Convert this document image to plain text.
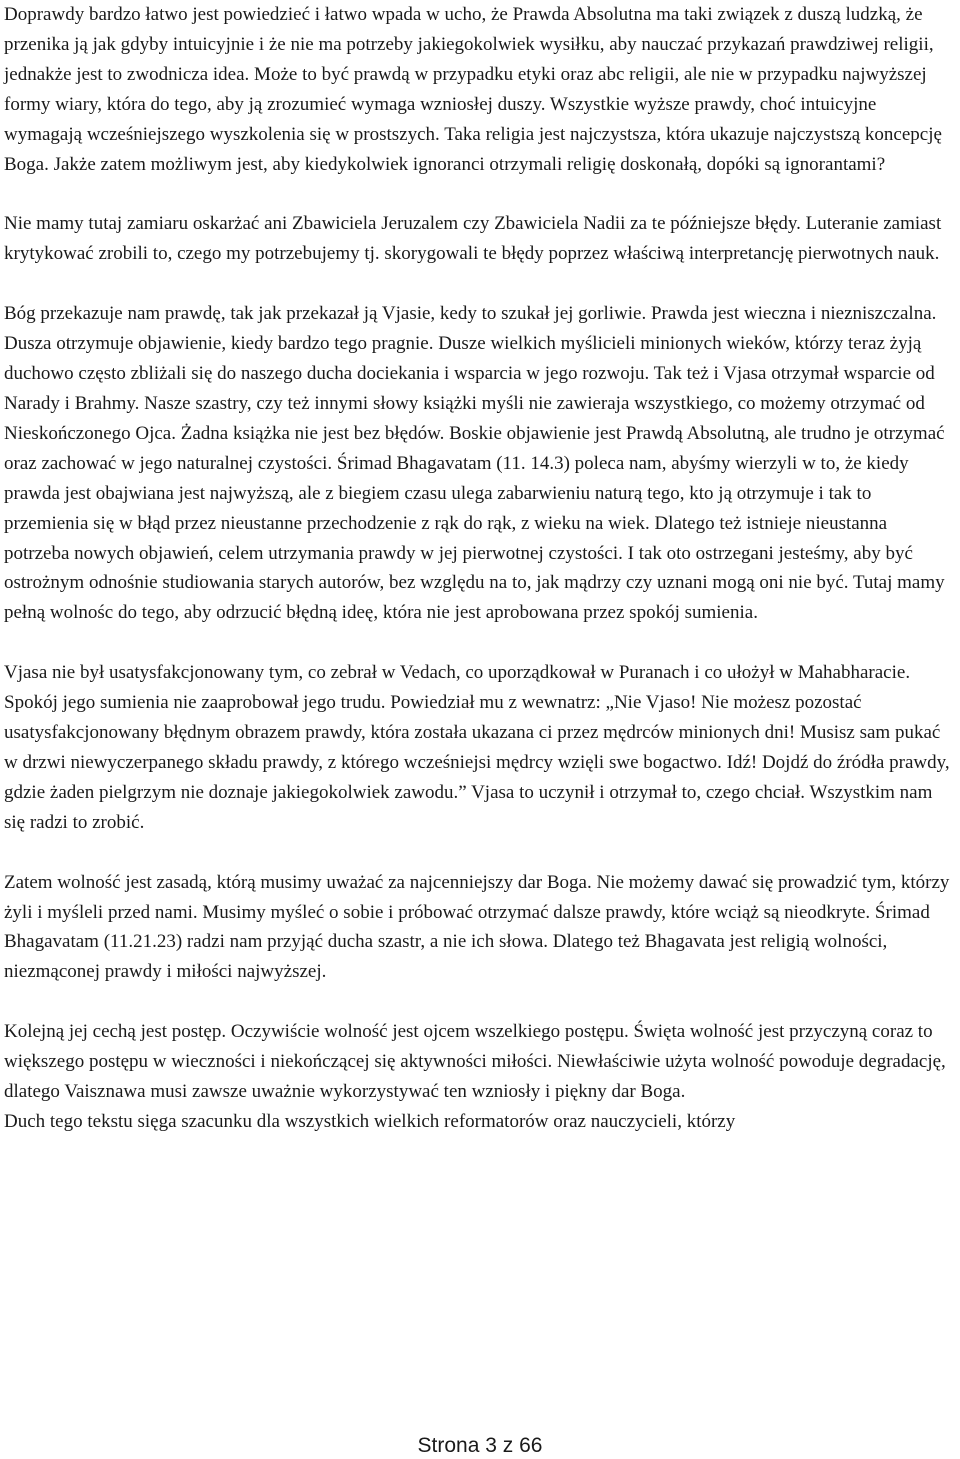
Doprawdy bardzo łatwo jest powiedzieć i łatwo wpada w ucho, że Prawda Absolutna ma taki związek z duszą ludzką, że przenika ją jak gdyby intuicyjnie i że nie ma potrzeby jakiegokolwiek wysiłku, aby nauczać przykazań prawdziwej religii, jednakże jest to zwodnicza idea. Może to być prawdą w przypadku etyki oraz abc religii, ale nie w przypadku najwyższej formy wiary, która do tego, aby ją zrozumieć wymaga wzniosłej duszy. Wszystkie wyższe prawdy, choć intuicyjne wymagają wcześniejszego wyszkolenia się w prostszych. Taka religia jest najczystsza, która ukazuje najczystszą koncepcję Boga. Jakże zatem możliwym jest, aby kiedykolwiek ignoranci otrzymali religię doskonałą, dopóki są ignorantami?

Nie mamy tutaj zamiaru oskarżać ani Zbawiciela Jeruzalem czy Zbawiciela Nadii za te późniejsze błędy. Luteranie zamiast krytykować zrobili to, czego my potrzebujemy tj. skorygowali te błędy poprzez właściwą interpretancję pierwotnych nauk.

Bóg przekazuje nam prawdę, tak jak przekazał ją Vjasie, kedy to szukał jej gorliwie. Prawda jest wieczna i niezniszczalna. Dusza otrzymuje objawienie, kiedy bardzo tego pragnie. Dusze wielkich myślicieli minionych wieków, którzy teraz żyją duchowo często zbliżali się do naszego ducha dociekania i wsparcia w jego rozwoju. Tak też i Vjasa otrzymał wsparcie od Narady i Brahmy. Nasze szastry, czy też innymi słowy książki myśli nie zawieraja wszystkiego, co możemy otrzymać od Nieskończonego Ojca. Żadna książka nie jest bez błędów. Boskie objawienie jest Prawdą Absolutną, ale trudno je otrzymać oraz zachować w jego naturalnej czystości. Śrimad Bhagavatam (11. 14.3) poleca nam, abyśmy wierzyli w to, że kiedy prawda jest obajwiana jest najwyższą, ale z biegiem czasu ulega zabarwieniu naturą tego, kto ją otrzymuje i tak to przemienia się w błąd przez nieustanne przechodzenie z rąk do rąk, z wieku na wiek. Dlatego też istnieje nieustanna potrzeba nowych objawień, celem utrzymania prawdy w jej pierwotnej czystości. I tak oto ostrzegani jesteśmy, aby być ostrożnym odnośnie studiowania starych autorów, bez względu na to, jak mądrzy czy uznani mogą oni nie być. Tutaj mamy pełną wolnośc do tego, aby odrzucić błędną ideę, która nie jest aprobowana przez spokój sumienia.

Vjasa nie był usatysfakcjonowany tym, co zebrał w Vedach, co uporządkował w Puranach i co ułożył w Mahabharacie. Spokój jego sumienia nie zaaprobował jego trudu. Powiedział mu z wewnatrz: „Nie Vjaso! Nie możesz pozostać usatysfakcjonowany błędnym obrazem prawdy, która została ukazana ci przez mędrców minionych dni! Musisz sam pukać w drzwi niewyczerpanego składu prawdy, z którego wcześniejsi mędrcy wzięli swe bogactwo. Idź! Dojdź do źródła prawdy, gdzie żaden pielgrzym nie doznaje jakiegokolwiek zawodu.” Vjasa to uczynił i otrzymał to, czego chciał. Wszystkim nam się radzi to zrobić.

Zatem wolność jest zasadą, którą musimy uważać za najcenniejszy dar Boga. Nie możemy dawać się prowadzić tym, którzy żyli i myśleli przed nami. Musimy myśleć o sobie i próbować otrzymać dalsze prawdy, które wciąż są nieodkryte. Śrimad Bhagavatam (11.21.23) radzi nam przyjąć ducha szastr, a nie ich słowa. Dlatego też Bhagavata jest religią wolności, niezmąconej prawdy i miłości najwyższej.

Kolejną jej cechą jest postęp. Oczywiście wolność jest ojcem wszelkiego postępu. Święta wolność jest przyczyną coraz to większego postępu w wieczności i niekończącej się aktywności miłości. Niewłaściwie użyta wolność powoduje degradację, dlatego Vaisznawa musi zawsze uważnie wykorzystywać ten wzniosły i piękny dar Boga.

Duch tego tekstu sięga szacunku dla wszystkich wielkich reformatorów oraz nauczycieli, którzy

Strona 3 z 66
